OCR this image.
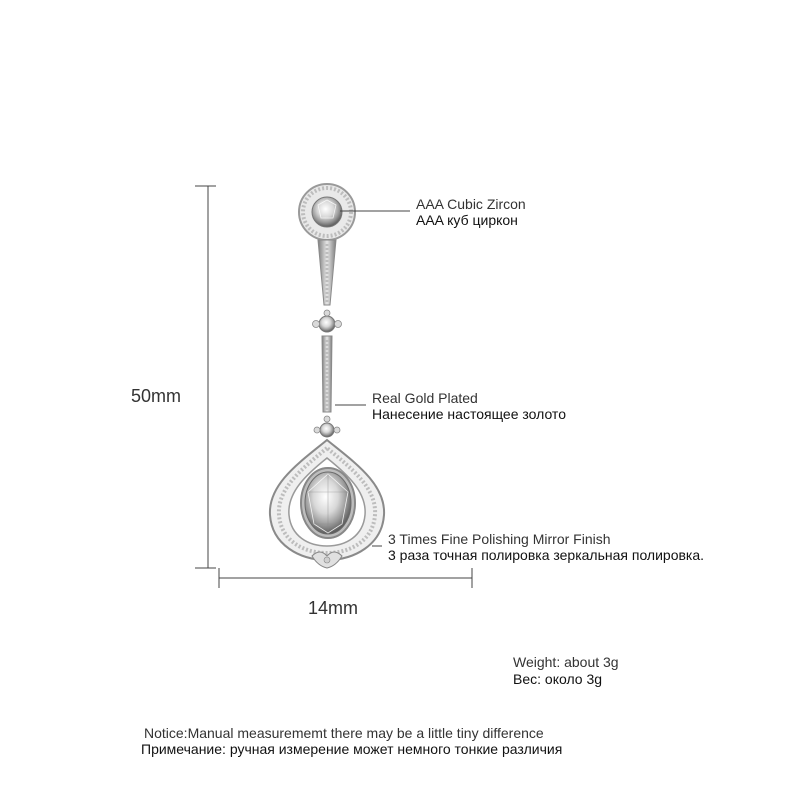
50mm
14mm
AAA Cubic Zircon
AAA куб циркон
Real Gold Plated
Нанесение настоящее золото
3 Times Fine Polishing Mirror Finish
3 раза точная полировка зеркальная полировка.
Weight: about 3g
Вес: около 3g
Notice:Manual measurememt there may be a little tiny difference
Примечание: ручная измерение может немного тонкие различия
